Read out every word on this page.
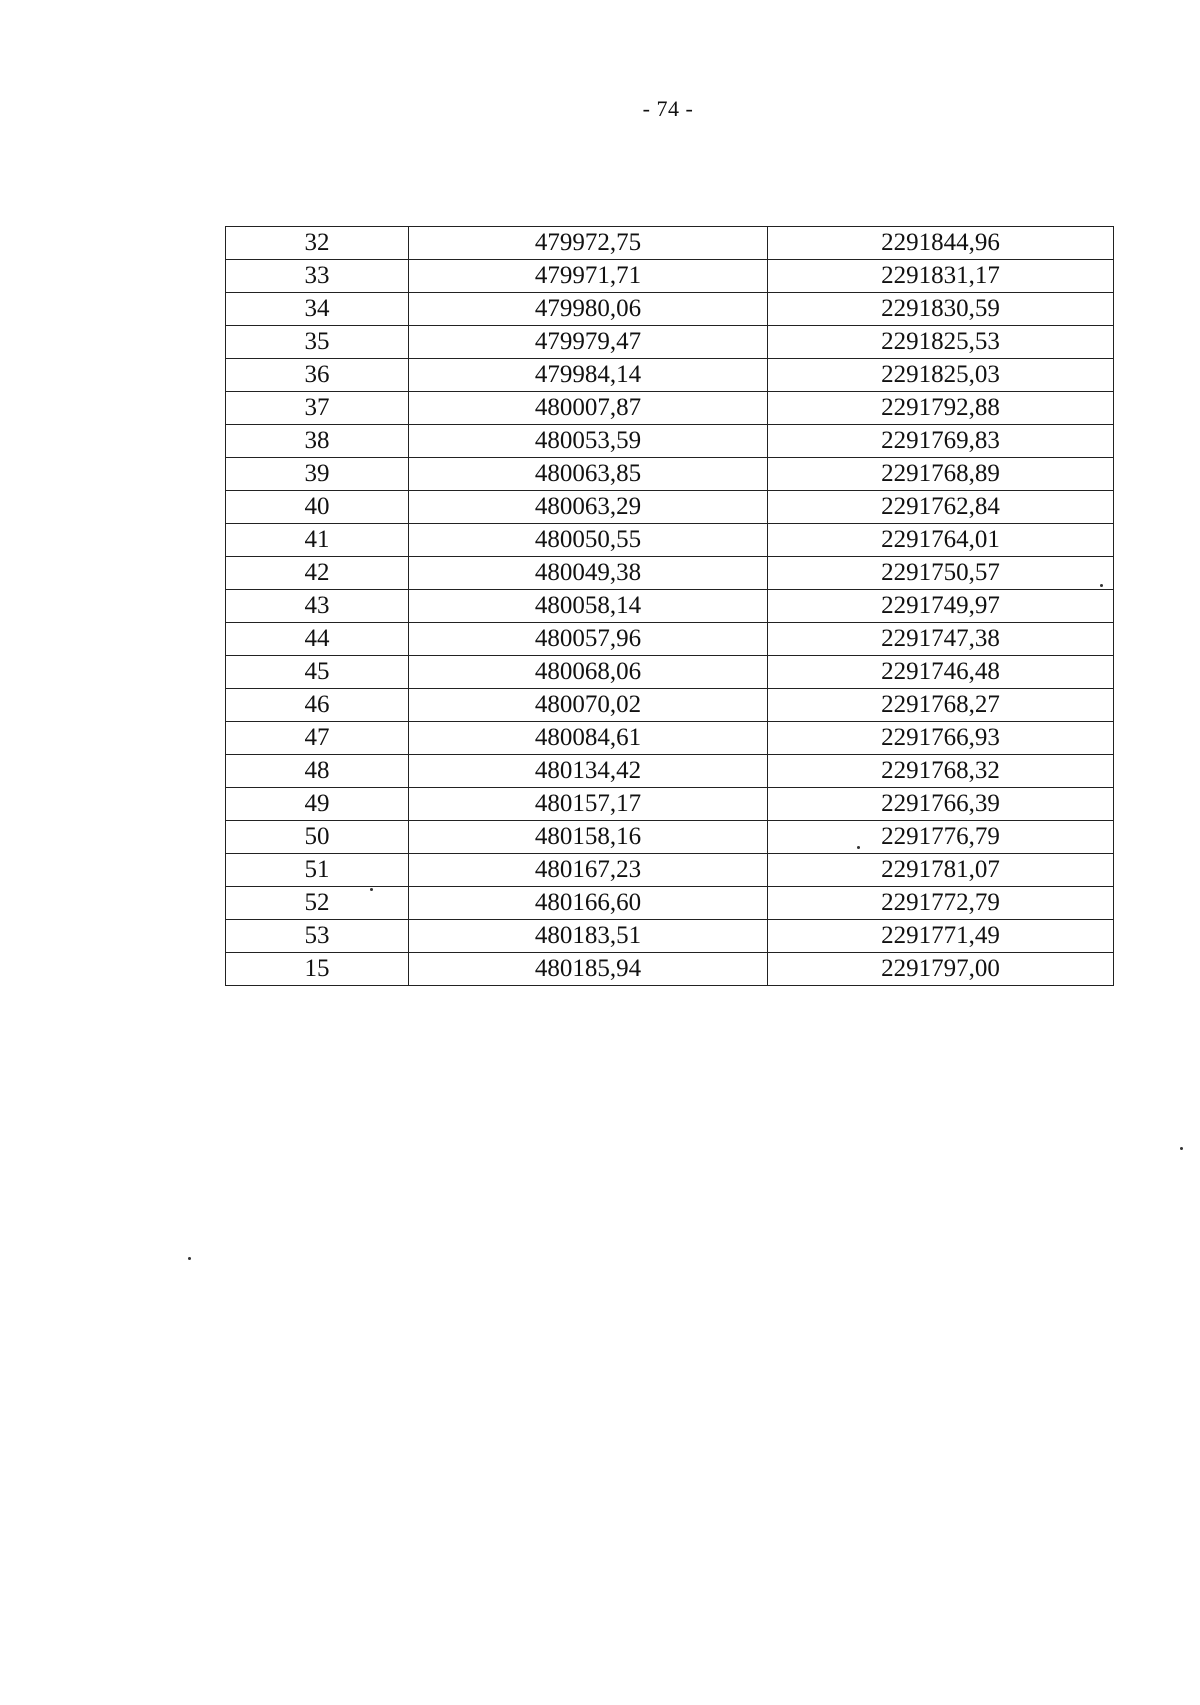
- 74 -
32	479972,75	2291844,96
33	479971,71	2291831,17
34	479980,06	2291830,59
35	479979,47	2291825,53
36	479984,14	2291825,03
37	480007,87	2291792,88
38	480053,59	2291769,83
39	480063,85	2291768,89
40	480063,29	2291762,84
41	480050,55	2291764,01
42	480049,38	2291750,57
43	480058,14	2291749,97
44	480057,96	2291747,38
45	480068,06	2291746,48
46	480070,02	2291768,27
47	480084,61	2291766,93
48	480134,42	2291768,32
49	480157,17	2291766,39
50	480158,16	2291776,79
51	480167,23	2291781,07
52	480166,60	2291772,79
53	480183,51	2291771,49
15	480185,94	2291797,00
